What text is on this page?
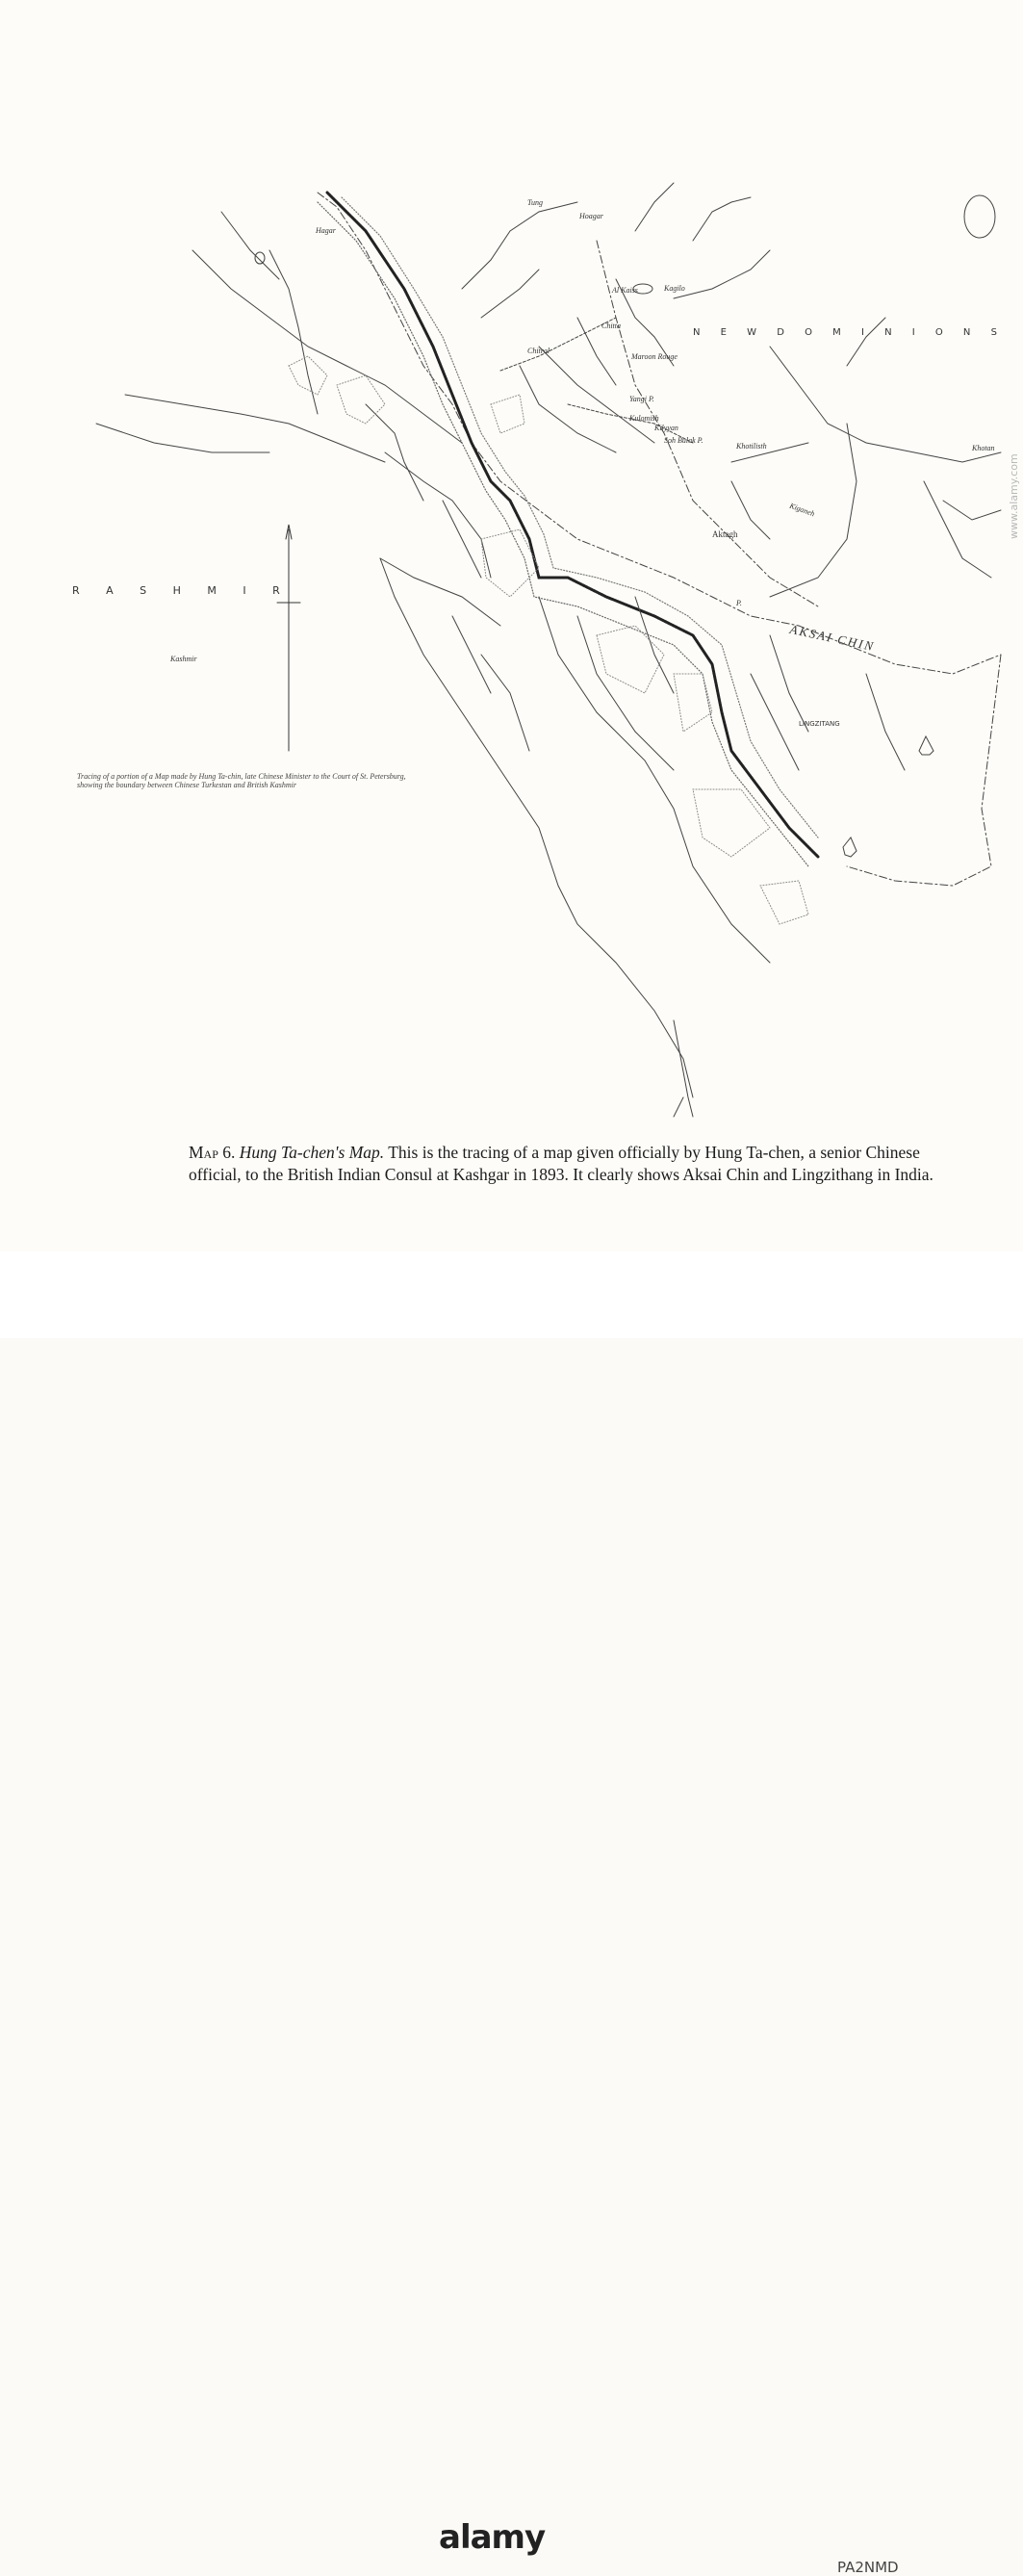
R A S H M I R
N E W D O M I N I O N S
AKSAI CHIN
LINGZITANG
Hagar
Tung
Hoagar
Al Kaiss
Chitta
Kagilo
Chitral
Maroon Rouge
Yangi P.
Kulomish
Kilyyan
Soh Bulak P.
Khotan
Khotilisth
Kiganeh
Aktagh
Kashmir
P.
Tracing of a portion of a Map made by Hung Ta-chin, late Chinese Minister to the Court of St. Petersburg, showing the boundary between Chinese Turkestan and British Kashmir
Map 6. Hung Ta-chen's Map. This is the tracing of a map given officially by Hung Ta-chen, a senior Chinese official, to the British Indian Consul at Kashgar in 1893. It clearly shows Aksai Chin and Lingzithang in India.
www.alamy.com
alamy
PA2NMD
